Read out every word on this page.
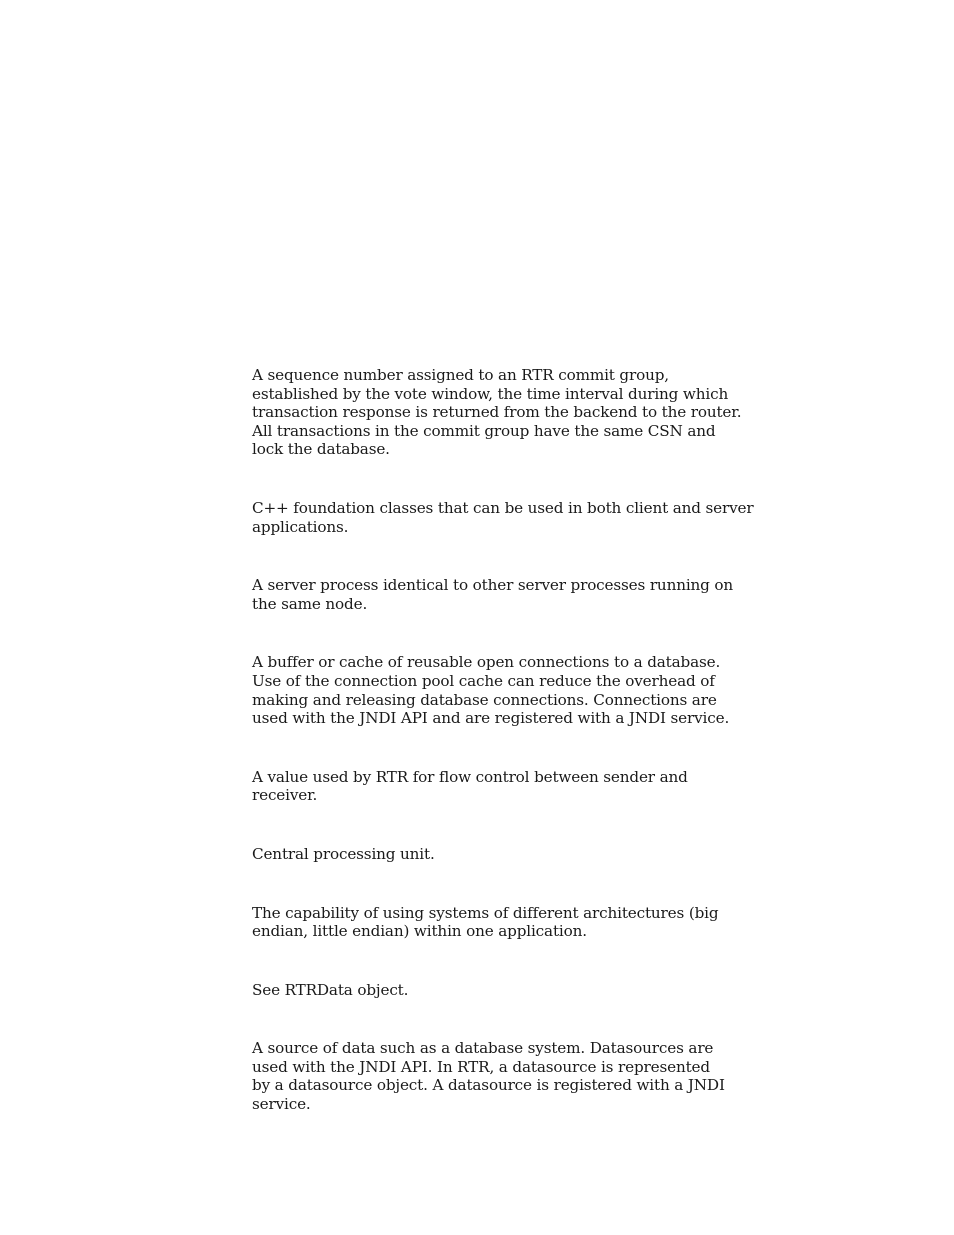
A sequence number assigned to an RTR commit group,
established by the vote window, the time interval during which
transaction response is returned from the backend to the router.
All transactions in the commit group have the same CSN and
lock the database.

C++ foundation classes that can be used in both client and server
applications.

A server process identical to other server processes running on
the same node.

A buffer or cache of reusable open connections to a database.
Use of the connection pool cache can reduce the overhead of
making and releasing database connections. Connections are
used with the JNDI API and are registered with a JNDI service.

A value used by RTR for flow control between sender and
receiver.

Central processing unit.

The capability of using systems of different architectures (big
endian, little endian) within one application.

See RTRData object.

A source of data such as a database system. Datasources are
used with the JNDI API. In RTR, a datasource is represented
by a datasource object. A datasource is registered with a JNDI
service.
